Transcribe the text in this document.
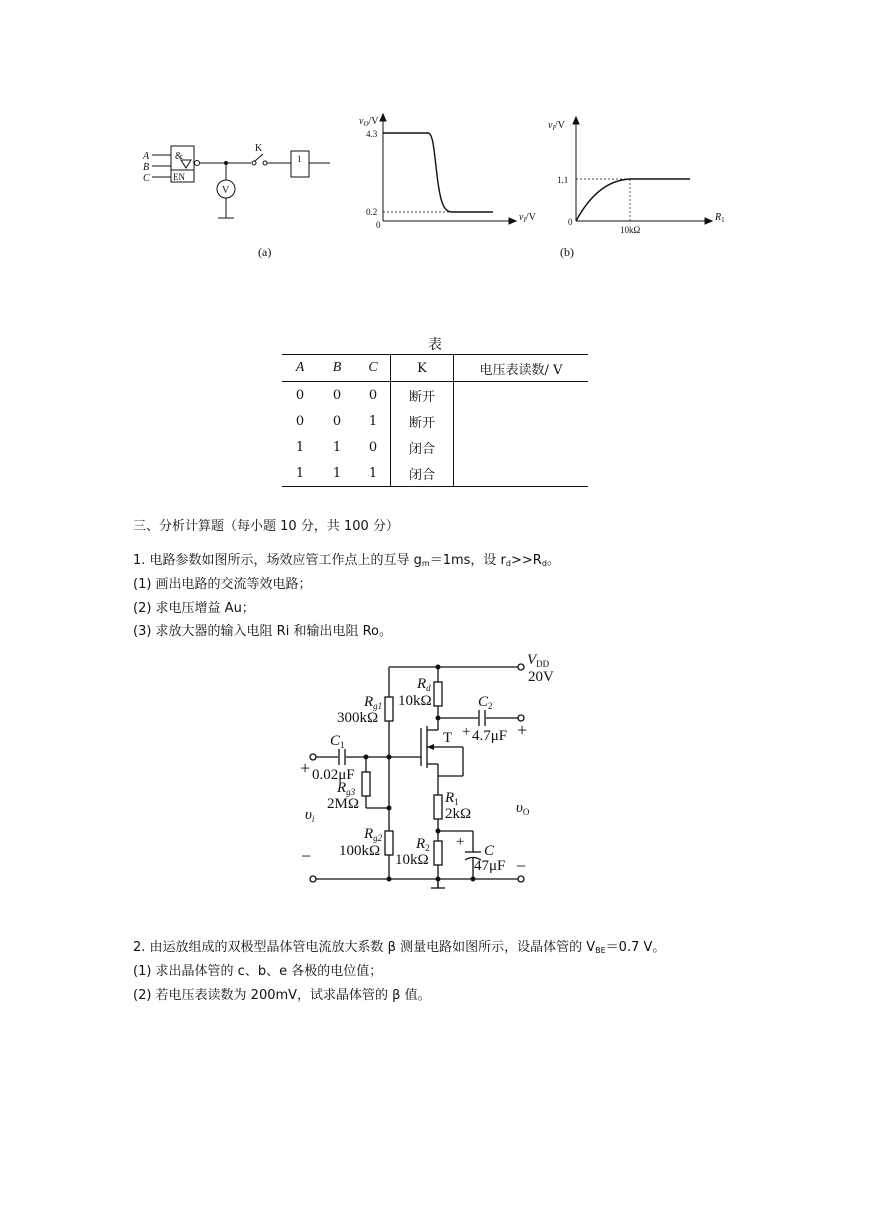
A
B
C
&
EN
K
V
1
(a)
$v_O/V$
4.3
0.2
0
$v_I/V$
$v_I/V$
1.1
0
10kΩ
$R_1$
(b)
表
A	B	C	K	电压表读数/ V
0	0	0	断开	
0	0	1	断开	
1	1	0	闭合	
1	1	1	闭合	
三、分析计算题（每小题 10 分，共 100 分）
1. 电路参数如图所示，场效应管工作点上的互导 $g_m=1ms$，设 $r_d>>R_d$。
(1) 画出电路的交流等效电路；
(2) 求电压增益 Au；
(3) 求放大器的输入电阻 Ri 和输出电阻 Ro。
$V_{DD}$
20V
$R_d$
10kΩ
$R_{g1}$
300kΩ
$C_2$
+ 4.7μF +
T
$C_1$
+ 0.02μF
$R_{g3}$
2MΩ
$\upsilon_i$
$R_1$
2kΩ	$\upsilon_O$
$R_{g2}$
100kΩ $R_2$
10kΩ
+
C
47μF
−	−
2. 由运放组成的双极型晶体管电流放大系数 β 测量电路如图所示，设晶体管的 $V_{BE}=0.7$ V。
(1) 求出晶体管的 c、b、e 各极的电位值；
(2) 若电压表读数为 200mV，试求晶体管的 β 值。
